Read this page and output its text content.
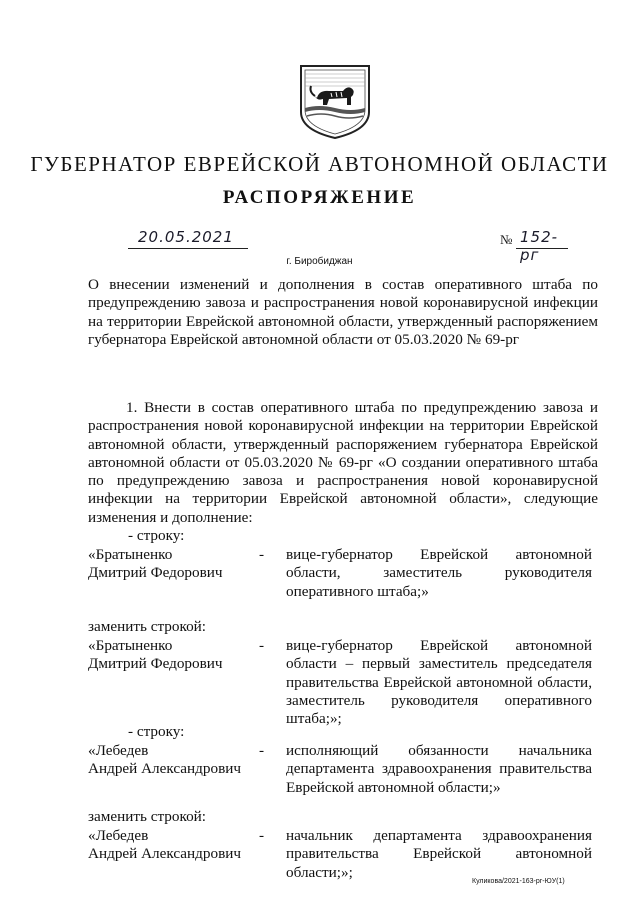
ГУБЕРНАТОР ЕВРЕЙСКОЙ АВТОНОМНОЙ ОБЛАСТИ
РАСПОРЯЖЕНИЕ
20.05.2021	№ 152-рг
г. Биробиджан
О внесении изменений и дополнения в состав оперативного штаба по предупреждению завоза и распространения новой коронавирусной инфекции на территории Еврейской автономной области, утвержденный распоряжением губернатора Еврейской автономной области от 05.03.2020 № 69-рг
1. Внести в состав оперативного штаба по предупреждению завоза и распространения новой коронавирусной инфекции на территории Еврейской автономной области, утвержденный распоряжением губернатора Еврейской автономной области от 05.03.2020 № 69-рг «О создании оперативного штаба по предупреждению завоза и распространения новой коронавирусной инфекции на территории Еврейской автономной области», следующие изменения и дополнение:
- строку:
«Братыненко
Дмитрий Федорович
- вице-губернатор Еврейской автономной области, заместитель руководителя оперативного штаба;»
заменить строкой:
«Братыненко
Дмитрий Федорович
- вице-губернатор Еврейской автономной области – первый заместитель председателя правительства Еврейской автономной области, заместитель руководителя оперативного штаба;»;
- строку:
«Лебедев
Андрей Александрович
- исполняющий обязанности начальника департамента здравоохранения правительства Еврейской автономной области;»
заменить строкой:
«Лебедев
Андрей Александрович
- начальник департамента здравоохранения правительства Еврейской автономной области;»;
Куликова/2021-163-рг-ЮУ(1)
